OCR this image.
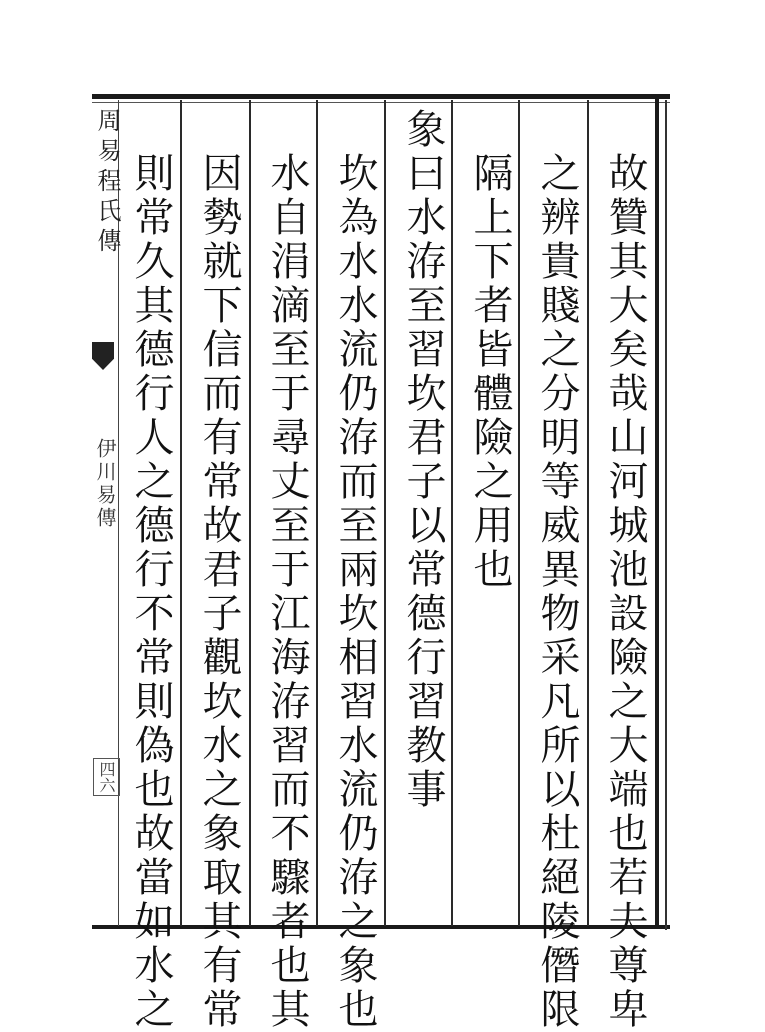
周易程氏傳
伊川易傳
四六	故贊其大矣哉山河城池設險之大端也若夫尊卑
之辨貴賤之分明等威異物采凡所以杜絕陵僭限
隔上下者皆體險之用也
象曰水洊至習坎君子以常德行習教事
坎為水水流仍洊而至兩坎相習水流仍洊之象也
水自涓滴至于尋丈至于江海洊習而不驟者也其
因勢就下信而有常故君子觀坎水之象取其有常
則常久其德行人之德行不常則偽也故當如水之
